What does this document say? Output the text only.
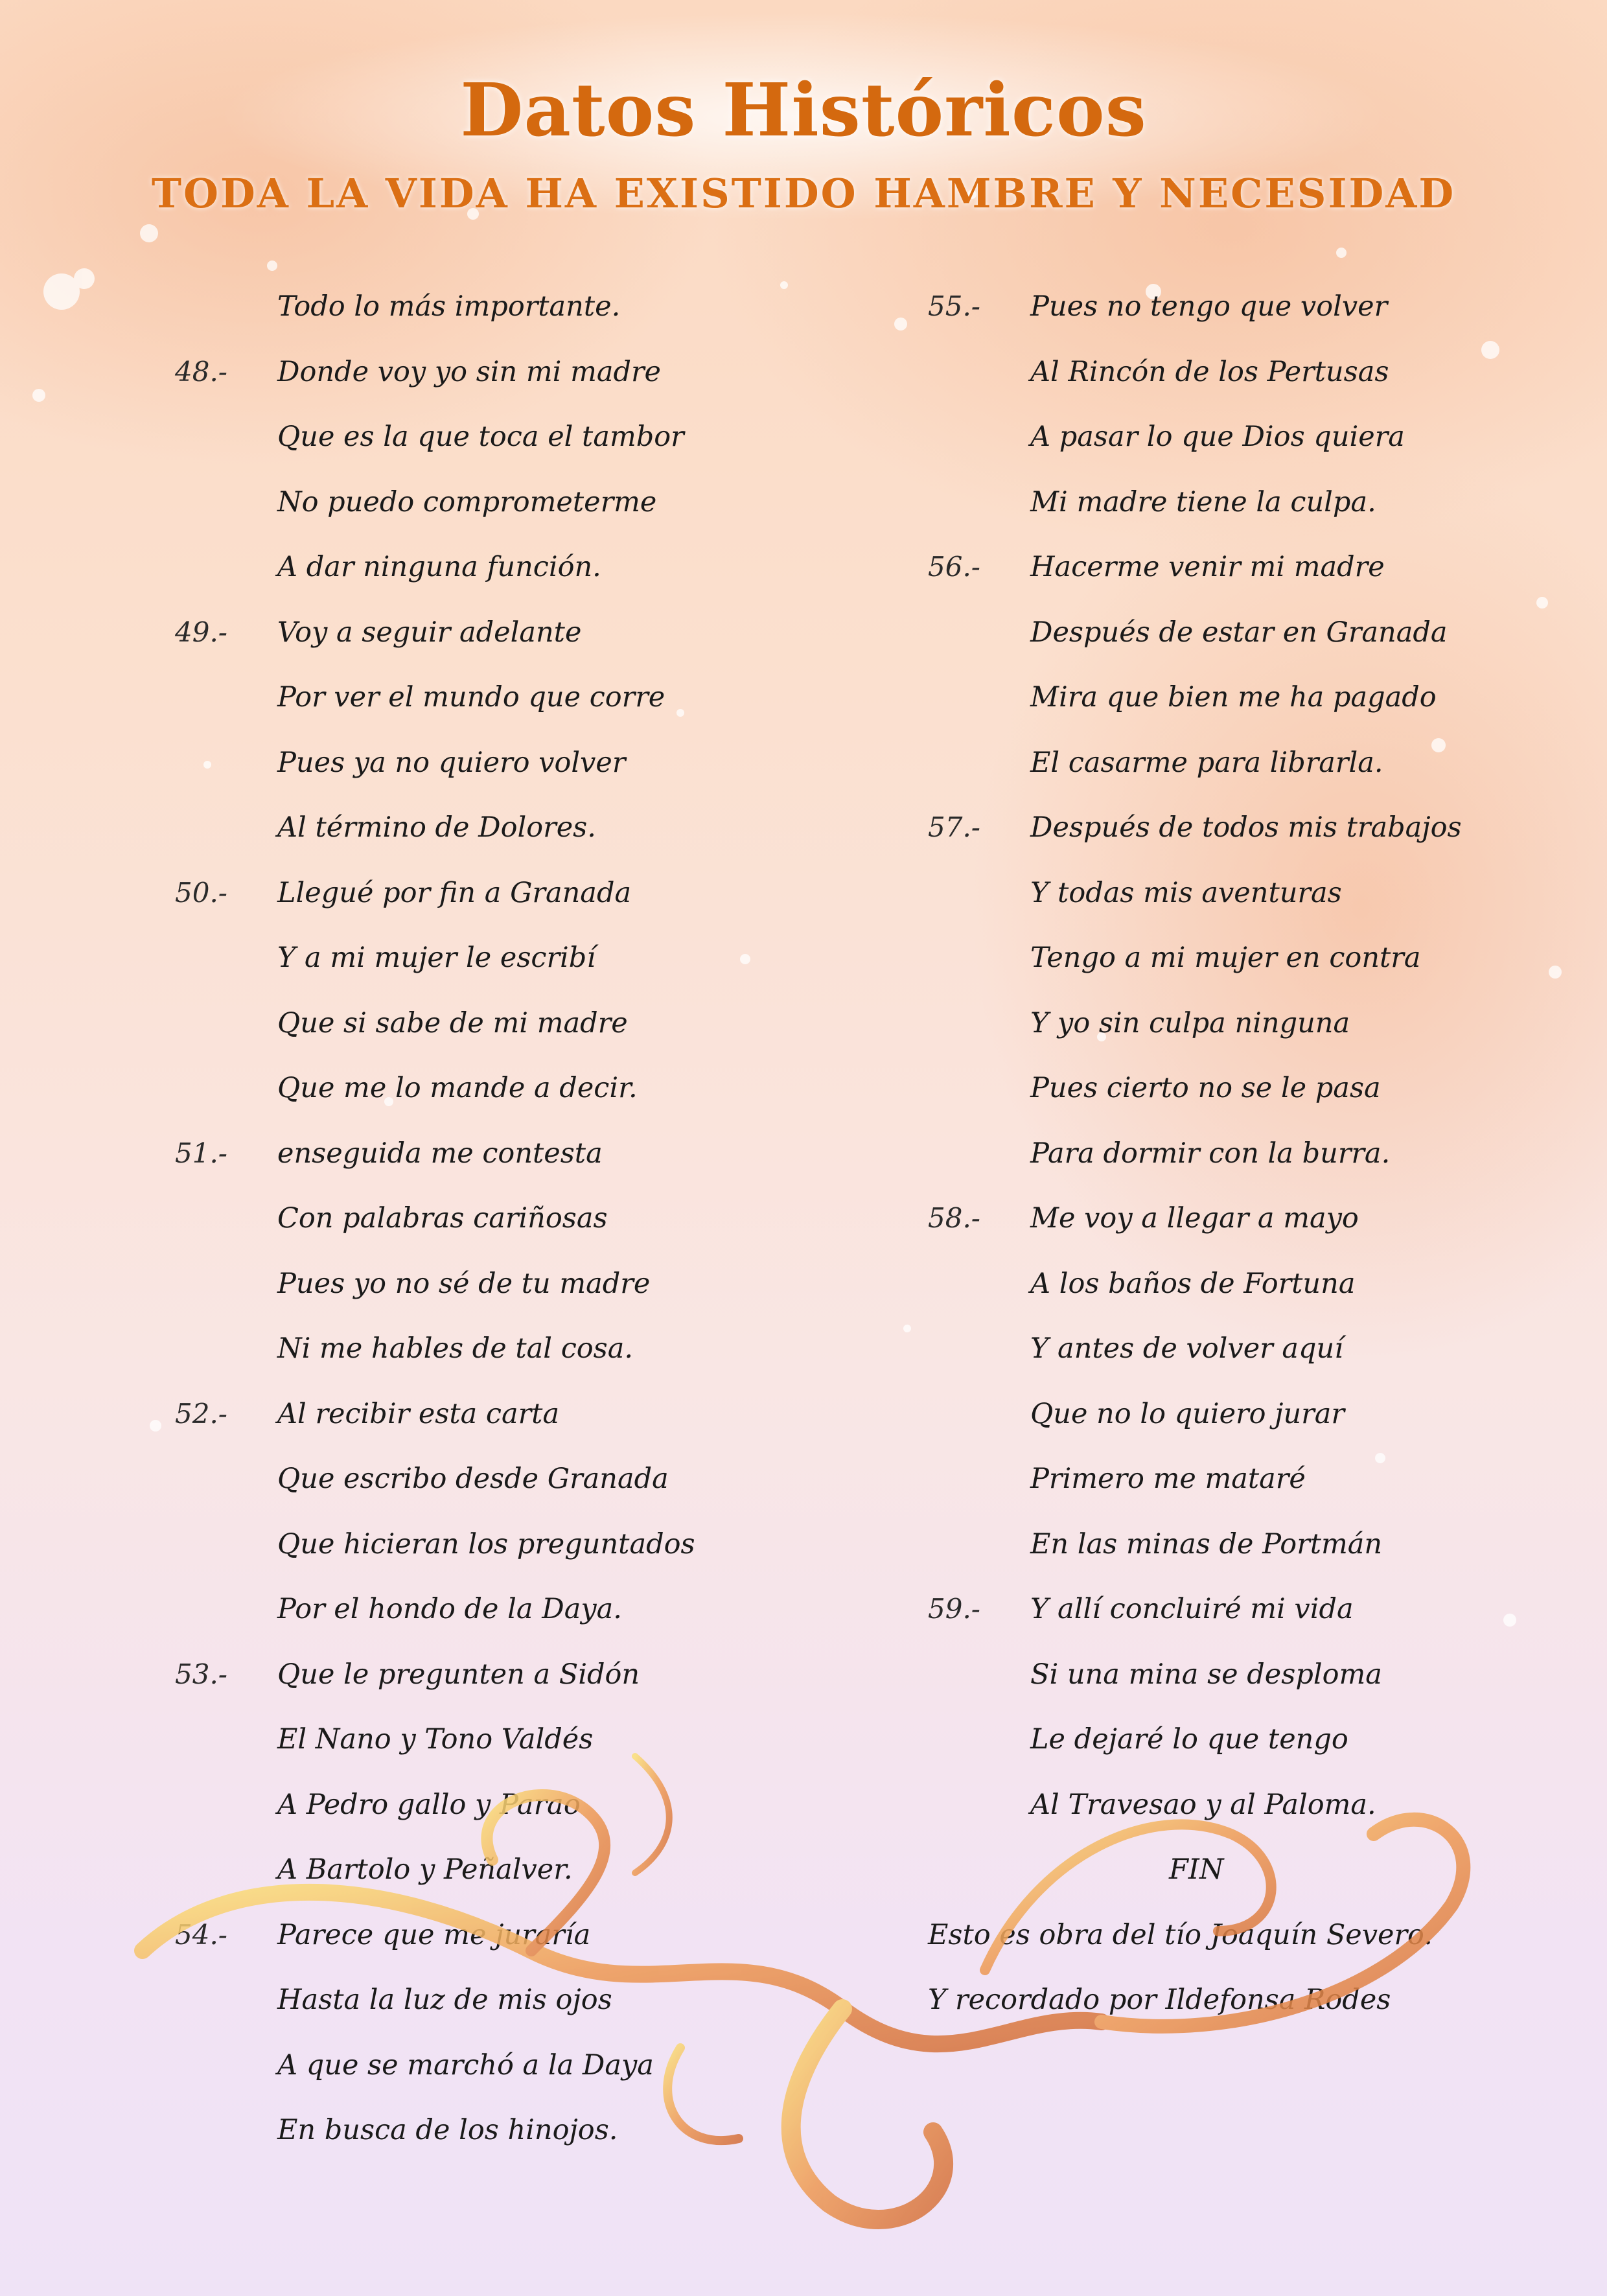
Datos Históricos
TODA LA VIDA HA EXISTIDO HAMBRE Y NECESIDAD
Todo lo más importante.
48.- Donde voy yo sin mi madre
Que es la que toca el tambor
No puedo comprometerme
A dar ninguna función.
49.- Voy a seguir adelante
Por ver el mundo que corre
Pues ya no quiero volver
Al término de Dolores.
50.- Llegué por fin a Granada
Y a mi mujer le escribí
Que si sabe de mi madre
Que me lo mande a decir.
51.- enseguida me contesta
Con palabras cariñosas
Pues yo no sé de tu madre
Ni me hables de tal cosa.
52.- Al recibir esta carta
Que escribo desde Granada
Que hicieran los preguntados
Por el hondo de la Daya.
53.- Que le pregunten a Sidón
El Nano y Tono Valdés
A Pedro gallo y Parao
A Bartolo y Peñalver.
54.- Parece que me juraría
Hasta la luz de mis ojos
A que se marchó a la Daya
En busca de los hinojos.
55.- Pues no tengo que volver
Al Rincón de los Pertusas
A pasar lo que Dios quiera
Mi madre tiene la culpa.
56.- Hacerme venir mi madre
Después de estar en Granada
Mira que bien me ha pagado
El casarme para librarla.
57.- Después de todos mis trabajos
Y todas mis aventuras
Tengo a mi mujer en contra
Y yo sin culpa ninguna
Pues cierto no se le pasa
Para dormir con la burra.
58.- Me voy a llegar a mayo
A los baños de Fortuna
Y antes de volver aquí
Que no lo quiero jurar
Primero me mataré
En las minas de Portmán
59.- Y allí concluiré mi vida
Si una mina se desploma
Le dejaré lo que tengo
Al Travesao y al Paloma.
FIN
Esto es obra del tío Joaquín Severo.
Y recordado por Ildefonsa Rodes
